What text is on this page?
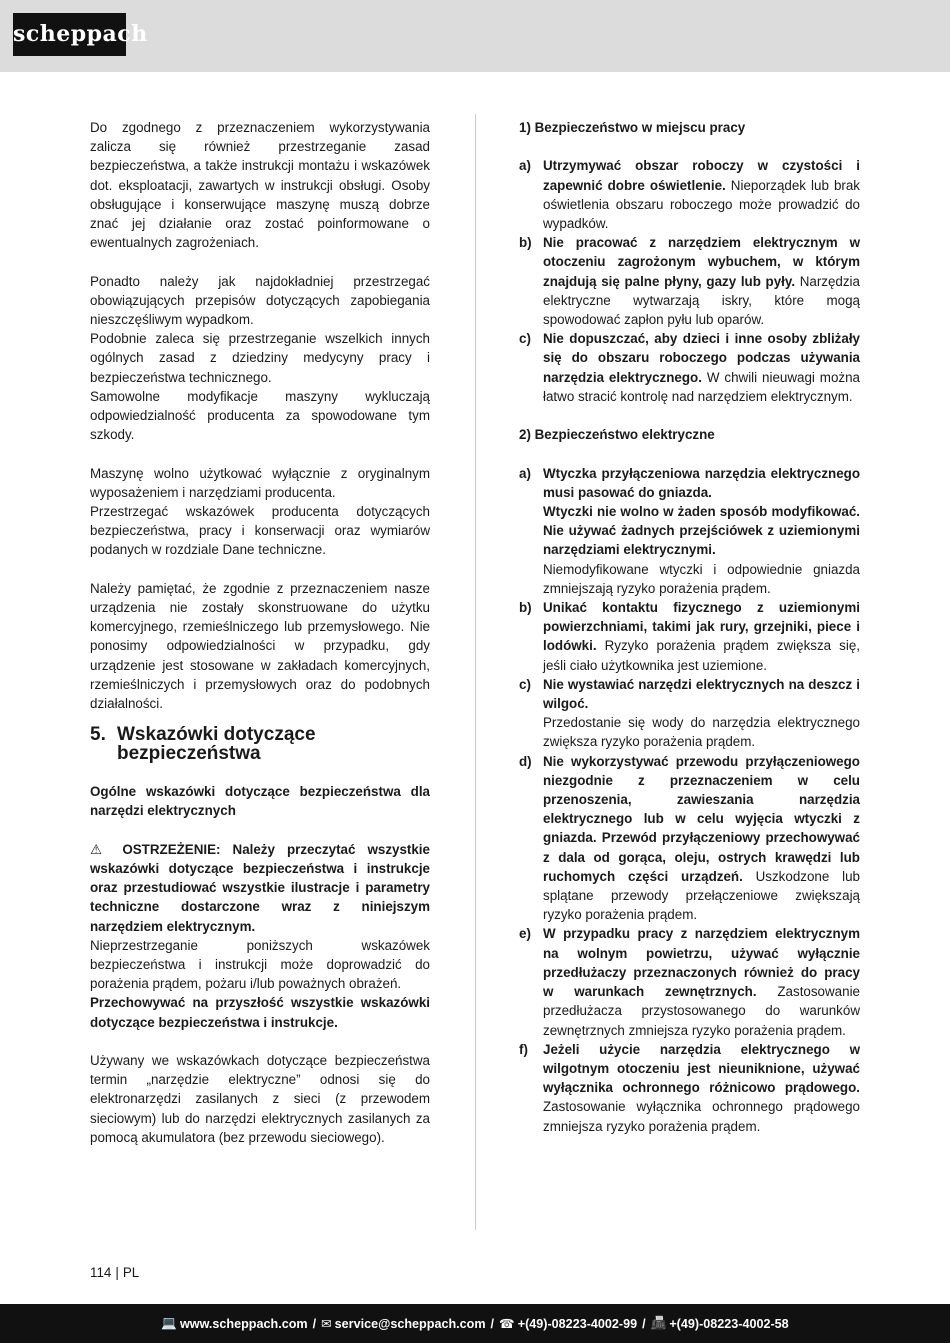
scheppach

Do zgodnego z przeznaczeniem wykorzystywania zalicza się również przestrzeganie zasad bezpieczeństwa, a także instrukcji montażu i wskazówek dot. eksploatacji, zawartych w instrukcji obsługi. Osoby obsługujące i konserwujące maszynę muszą dobrze znać jej działanie oraz zostać poinformowane o ewentualnych zagrożeniach.

Ponadto należy jak najdokładniej przestrzegać obowiązujących przepisów dotyczących zapobiegania nieszczęśliwym wypadkom.

Podobnie zaleca się przestrzeganie wszelkich innych ogólnych zasad z dziedziny medycyny pracy i bezpieczeństwa technicznego.

Samowolne modyfikacje maszyny wykluczają odpowiedzialność producenta za spowodowane tym szkody.

Maszynę wolno użytkować wyłącznie z oryginalnym wyposażeniem i narzędziami producenta.

Przestrzegać wskazówek producenta dotyczących bezpieczeństwa, pracy i konserwacji oraz wymiarów podanych w rozdziale Dane techniczne.

Należy pamiętać, że zgodnie z przeznaczeniem nasze urządzenia nie zostały skonstruowane do użytku komercyjnego, rzemieślniczego lub przemysłowego. Nie ponosimy odpowiedzialności w przypadku, gdy urządzenie jest stosowane w zakładach komercyjnych, rzemieślniczych i przemysłowych oraz do podobnych działalności.

5. Wskazówki dotyczące bezpieczeństwa

Ogólne wskazówki dotyczące bezpieczeństwa dla narzędzi elektrycznych

⚠ OSTRZEŻENIE: Należy przeczytać wszystkie wskazówki dotyczące bezpieczeństwa i instrukcje oraz przestudiować wszystkie ilustracje i parametry techniczne dostarczone wraz z niniejszym narzędziem elektrycznym.

Nieprzestrzeganie poniższych wskazówek bezpieczeństwa i instrukcji może doprowadzić do porażenia prądem, pożaru i/lub poważnych obrażeń.

Przechowywać na przyszłość wszystkie wskazówki dotyczące bezpieczeństwa i instrukcje.

Używany we wskazówkach dotyczące bezpieczeństwa termin „narzędzie elektryczne” odnosi się do elektronarzędzi zasilanych z sieci (z przewodem sieciowym) lub do narzędzi elektrycznych zasilanych za pomocą akumulatora (bez przewodu sieciowego).

1) Bezpieczeństwo w miejscu pracy

a) Utrzymywać obszar roboczy w czystości i zapewnić dobre oświetlenie. Nieporządek lub brak oświetlenia obszaru roboczego może prowadzić do wypadków.
b) Nie pracować z narzędziem elektrycznym w otoczeniu zagrożonym wybuchem, w którym znajdują się palne płyny, gazy lub pyły. Narzędzia elektryczne wytwarzają iskry, które mogą spowodować zapłon pyłu lub oparów.
c) Nie dopuszczać, aby dzieci i inne osoby zbliżały się do obszaru roboczego podczas używania narzędzia elektrycznego. W chwili nieuwagi można łatwo stracić kontrolę nad narzędziem elektrycznym.

2) Bezpieczeństwo elektryczne

a) Wtyczka przyłączeniowa narzędzia elektrycznego musi pasować do gniazda.
Wtyczki nie wolno w żaden sposób modyfikować. Nie używać żadnych przejściówek z uziemionymi narzędziami elektrycznymi.
Niemodyfikowane wtyczki i odpowiednie gniazda zmniejszają ryzyko porażenia prądem.
b) Unikać kontaktu fizycznego z uziemionymi powierzchniami, takimi jak rury, grzejniki, piece i lodówki. Ryzyko porażenia prądem zwiększa się, jeśli ciało użytkownika jest uziemione.
c) Nie wystawiać narzędzi elektrycznych na deszcz i wilgoć.
Przedostanie się wody do narzędzia elektrycznego zwiększa ryzyko porażenia prądem.
d) Nie wykorzystywać przewodu przyłączeniowego niezgodnie z przeznaczeniem w celu przenoszenia, zawieszania narzędzia elektrycznego lub w celu wyjęcia wtyczki z gniazda. Przewód przyłączeniowy przechowywać z dala od gorąca, oleju, ostrych krawędzi lub ruchomych części urządzeń. Uszkodzone lub splątane przewody przełączeniowe zwiększają ryzyko porażenia prądem.
e) W przypadku pracy z narzędziem elektrycznym na wolnym powietrzu, używać wyłącznie przedłużaczy przeznaczonych również do pracy w warunkach zewnętrznych. Zastosowanie przedłużacza przystosowanego do warunków zewnętrznych zmniejsza ryzyko porażenia prądem.
f)	Jeżeli użycie narzędzia elektrycznego w wilgotnym otoczeniu jest nieuniknione, używać wyłącznika ochronnego różnicowo prądowego. Zastosowanie wyłącznika ochronnego prądowego zmniejsza ryzyko porażenia prądem.
114 | PL
💻 www.scheppach.com / ✉ service@scheppach.com / ☎ +(49)-08223-4002-99 / 📠 +(49)-08223-4002-58
